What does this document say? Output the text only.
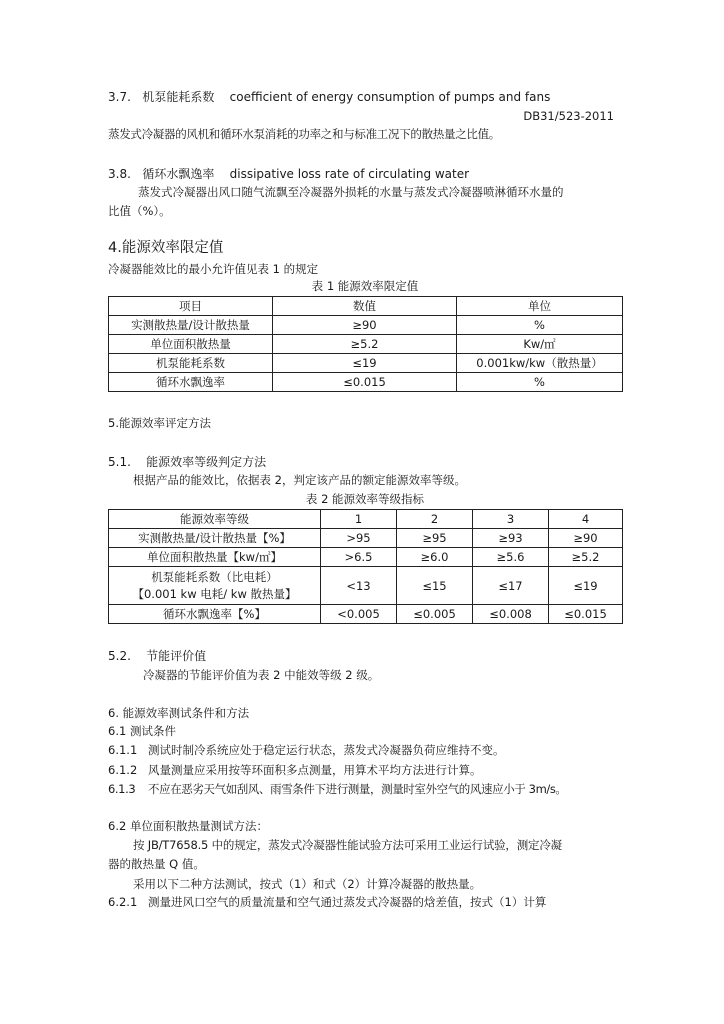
3.7. 机泵能耗系数 coefficient of energy consumption of pumps and fans
DB31/523-2011
蒸发式冷凝器的风机和循环水泵消耗的功率之和与标准工况下的散热量之比值。
3.8. 循环水飘逸率 dissipative loss rate of circulating water
蒸发式冷凝器出风口随气流飘至冷凝器外损耗的水量与蒸发式冷凝器喷淋循环水量的
比值（%）。
4.能源效率限定值
冷凝器能效比的最小允许值见表 1 的规定
表 1 能源效率限定值
项目	数值	单位
实测散热量/设计散热量	≥90	%
单位面积散热量	≥5.2	Kw/㎡
机泵能耗系数	≤19	0.001kw/kw（散热量）
循环水飘逸率	≤0.015	%
5.能源效率评定方法
5.1. 能源效率等级判定方法
根据产品的能效比，依据表 2，判定该产品的额定能源效率等级。
表 2 能源效率等级指标
能源效率等级	1	2	3	4
实测散热量/设计散热量【%】	>95	≥95	≥93	≥90
单位面积散热量【kw/㎡】	>6.5	≥6.0	≥5.6	≥5.2

机泵能耗系数（比电耗）
【0.001 kw 电耗/ kw 散热量】	<13	≤15	≤17	≤19
循环水飘逸率【%】	<0.005	≤0.005	≤0.008	≤0.015
5.2. 节能评价值
冷凝器的节能评价值为表 2 中能效等级 2 级。
6. 能源效率测试条件和方法
6.1 测试条件
6.1.1 测试时制冷系统应处于稳定运行状态，蒸发式冷凝器负荷应维持不变。
6.1.2 风量测量应采用按等环面积多点测量，用算术平均方法进行计算。
6.1.3 不应在恶劣天气如刮风、雨雪条件下进行测量，测量时室外空气的风速应小于 3m/s。
6.2 单位面积散热量测试方法：
按 JB/T7658.5 中的规定，蒸发式冷凝器性能试验方法可采用工业运行试验，测定冷凝
器的散热量 Q 值。
采用以下二种方法测试，按式（1）和式（2）计算冷凝器的散热量。
6.2.1 测量进风口空气的质量流量和空气通过蒸发式冷凝器的焓差值，按式（1）计算
